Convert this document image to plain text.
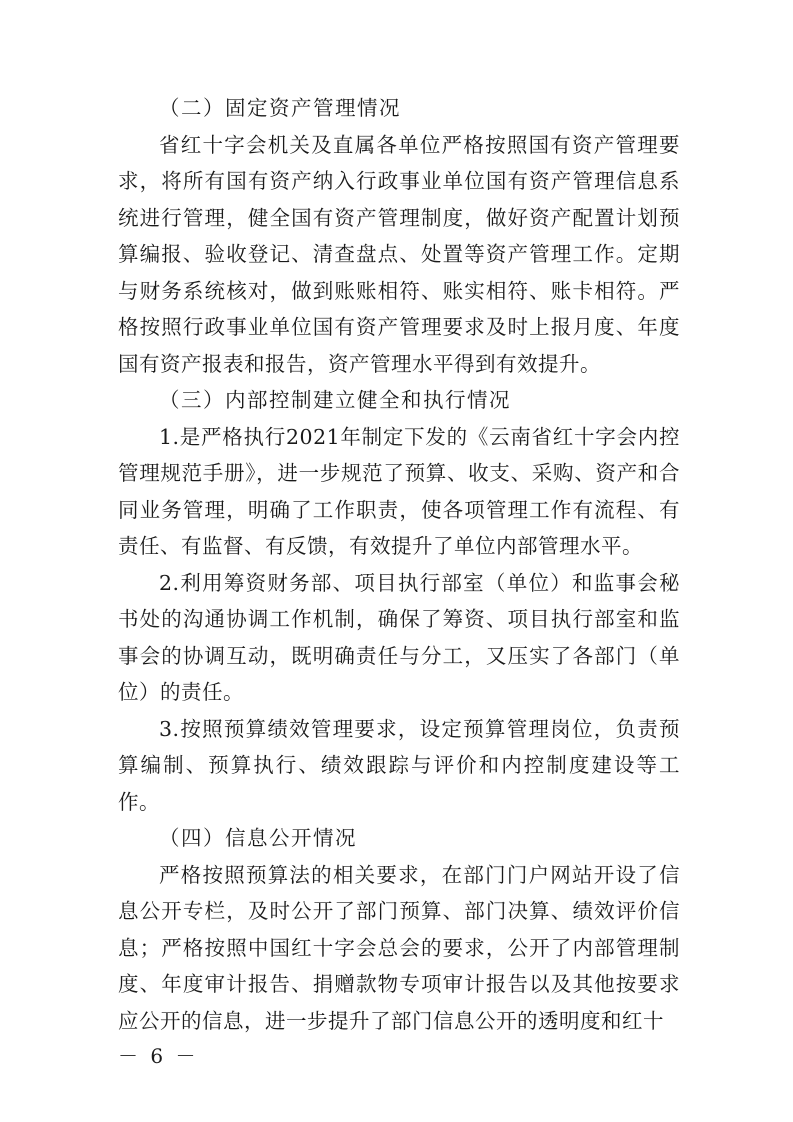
（二）固定资产管理情况

省红十字会机关及直属各单位严格按照国有资产管理要求，将所有国有资产纳入行政事业单位国有资产管理信息系统进行管理，健全国有资产管理制度，做好资产配置计划预算编报、验收登记、清查盘点、处置等资产管理工作。定期与财务系统核对，做到账账相符、账实相符、账卡相符。严格按照行政事业单位国有资产管理要求及时上报月度、年度国有资产报表和报告，资产管理水平得到有效提升。

（三）内部控制建立健全和执行情况

1.是严格执行2021年制定下发的《云南省红十字会内控管理规范手册》，进一步规范了预算、收支、采购、资产和合同业务管理，明确了工作职责，使各项管理工作有流程、有责任、有监督、有反馈，有效提升了单位内部管理水平。

2.利用筹资财务部、项目执行部室（单位）和监事会秘书处的沟通协调工作机制，确保了筹资、项目执行部室和监事会的协调互动，既明确责任与分工，又压实了各部门（单位）的责任。

3.按照预算绩效管理要求，设定预算管理岗位，负责预算编制、预算执行、绩效跟踪与评价和内控制度建设等工作。

（四）信息公开情况

严格按照预算法的相关要求，在部门门户网站开设了信息公开专栏，及时公开了部门预算、部门决算、绩效评价信息；严格按照中国红十字会总会的要求，公开了内部管理制度、年度审计报告、捐赠款物专项审计报告以及其他按要求应公开的信息，进一步提升了部门信息公开的透明度和红十

－ 6 －
